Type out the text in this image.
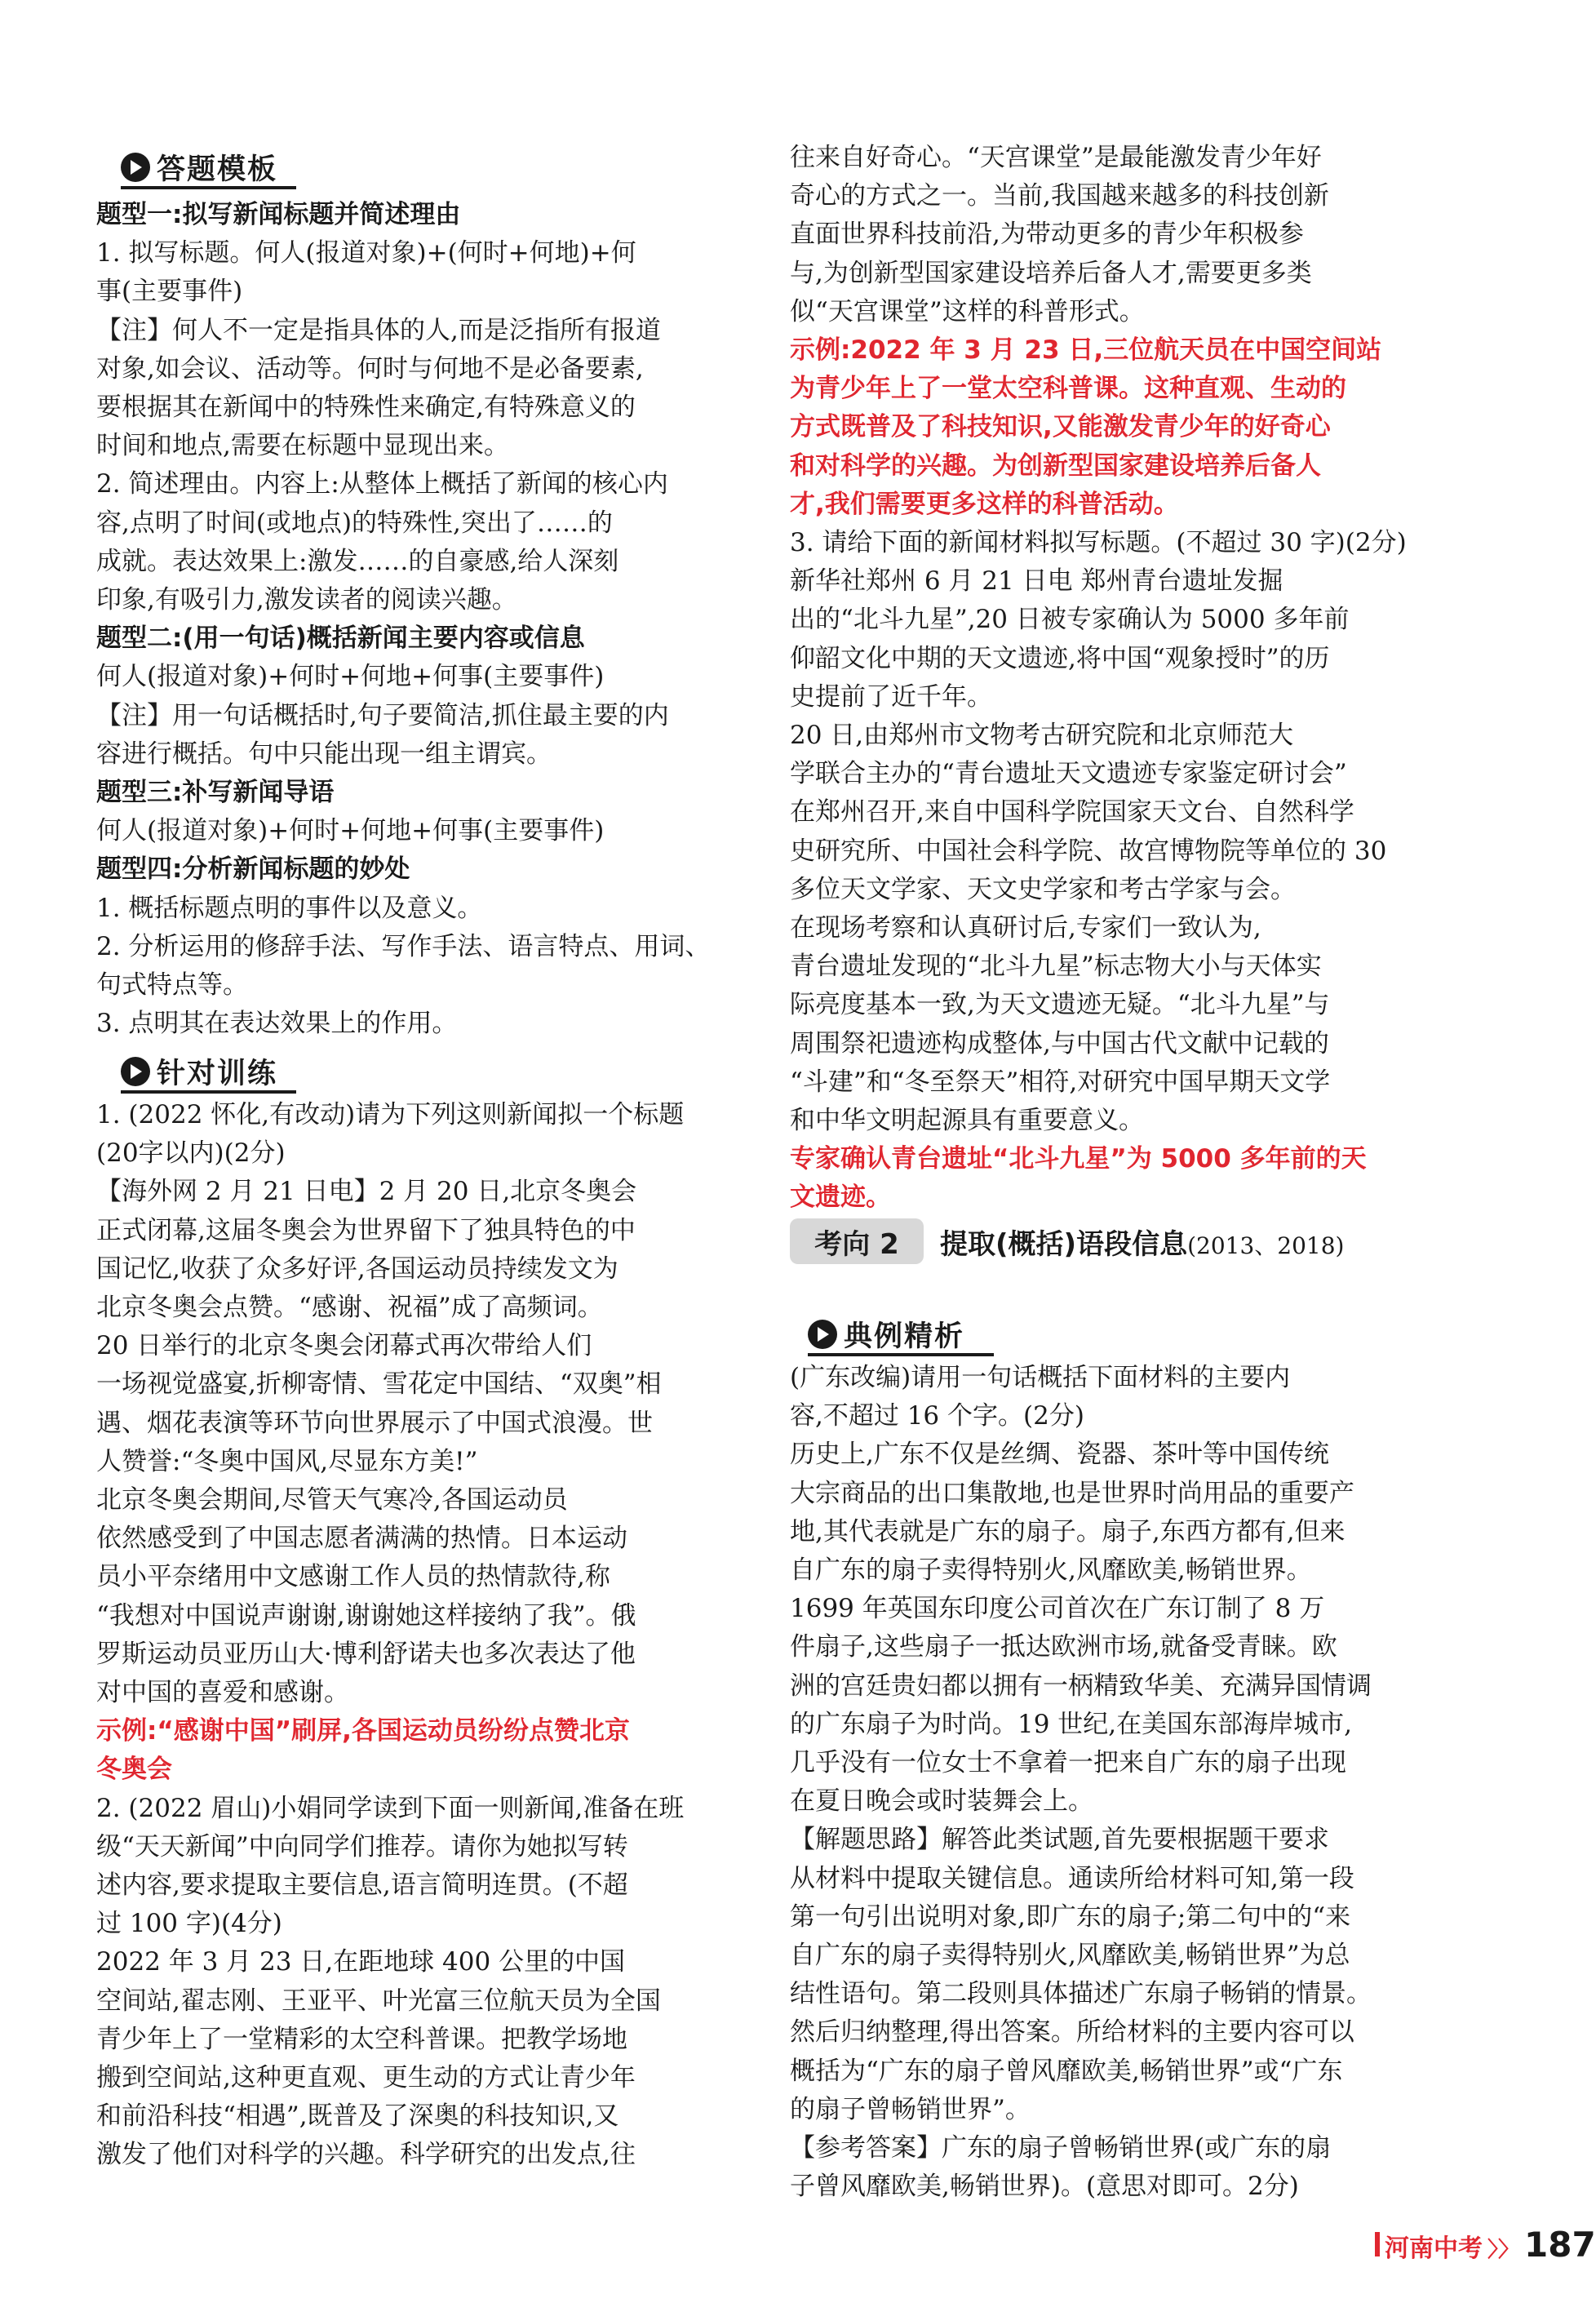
答题模板
题型一:拟写新闻标题并简述理由
1. 拟写标题。何人(报道对象)+(何时+何地)+何
事(主要事件)
【注】何人不一定是指具体的人,而是泛指所有报道
对象,如会议、活动等。何时与何地不是必备要素,
要根据其在新闻中的特殊性来确定,有特殊意义的
时间和地点,需要在标题中显现出来。
2. 简述理由。内容上:从整体上概括了新闻的核心内
容,点明了时间(或地点)的特殊性,突出了……的
成就。表达效果上:激发……的自豪感,给人深刻
印象,有吸引力,激发读者的阅读兴趣。
题型二:(用一句话)概括新闻主要内容或信息
何人(报道对象)+何时+何地+何事(主要事件)
【注】用一句话概括时,句子要简洁,抓住最主要的内
容进行概括。句中只能出现一组主谓宾。
题型三:补写新闻导语
何人(报道对象)+何时+何地+何事(主要事件)
题型四:分析新闻标题的妙处
1. 概括标题点明的事件以及意义。
2. 分析运用的修辞手法、写作手法、语言特点、用词、
句式特点等。
3. 点明其在表达效果上的作用。
针对训练
1. (2022 怀化,有改动)请为下列这则新闻拟一个标题
(20字以内)(2分)
【海外网 2 月 21 日电】2 月 20 日,北京冬奥会
正式闭幕,这届冬奥会为世界留下了独具特色的中
国记忆,收获了众多好评,各国运动员持续发文为
北京冬奥会点赞。“感谢、祝福”成了高频词。
20 日举行的北京冬奥会闭幕式再次带给人们
一场视觉盛宴,折柳寄情、雪花定中国结、“双奥”相
遇、烟花表演等环节向世界展示了中国式浪漫。世
人赞誉:“冬奥中国风,尽显东方美!”
北京冬奥会期间,尽管天气寒冷,各国运动员
依然感受到了中国志愿者满满的热情。日本运动
员小平奈绪用中文感谢工作人员的热情款待,称
“我想对中国说声谢谢,谢谢她这样接纳了我”。俄
罗斯运动员亚历山大·博利舒诺夫也多次表达了他
对中国的喜爱和感谢。
示例:“感谢中国”刷屏,各国运动员纷纷点赞北京
冬奥会
2. (2022 眉山)小娟同学读到下面一则新闻,准备在班
级“天天新闻”中向同学们推荐。请你为她拟写转
述内容,要求提取主要信息,语言简明连贯。(不超
过 100 字)(4分)
2022 年 3 月 23 日,在距地球 400 公里的中国
空间站,翟志刚、王亚平、叶光富三位航天员为全国
青少年上了一堂精彩的太空科普课。把教学场地
搬到空间站,这种更直观、更生动的方式让青少年
和前沿科技“相遇”,既普及了深奥的科技知识,又
激发了他们对科学的兴趣。科学研究的出发点,往
往来自好奇心。“天宫课堂”是最能激发青少年好
奇心的方式之一。当前,我国越来越多的科技创新
直面世界科技前沿,为带动更多的青少年积极参
与,为创新型国家建设培养后备人才,需要更多类
似“天宫课堂”这样的科普形式。
示例:2022 年 3 月 23 日,三位航天员在中国空间站
为青少年上了一堂太空科普课。这种直观、生动的
方式既普及了科技知识,又能激发青少年的好奇心
和对科学的兴趣。为创新型国家建设培养后备人
才,我们需要更多这样的科普活动。
3. 请给下面的新闻材料拟写标题。(不超过 30 字)(2分)
新华社郑州 6 月 21 日电 郑州青台遗址发掘
出的“北斗九星”,20 日被专家确认为 5000 多年前
仰韶文化中期的天文遗迹,将中国“观象授时”的历
史提前了近千年。
20 日,由郑州市文物考古研究院和北京师范大
学联合主办的“青台遗址天文遗迹专家鉴定研讨会”
在郑州召开,来自中国科学院国家天文台、自然科学
史研究所、中国社会科学院、故宫博物院等单位的 30
多位天文学家、天文史学家和考古学家与会。
在现场考察和认真研讨后,专家们一致认为,
青台遗址发现的“北斗九星”标志物大小与天体实
际亮度基本一致,为天文遗迹无疑。“北斗九星”与
周围祭祀遗迹构成整体,与中国古代文献中记载的
“斗建”和“冬至祭天”相符,对研究中国早期天文学
和中华文明起源具有重要意义。
专家确认青台遗址“北斗九星”为 5000 多年前的天
文遗迹。
考向 2	提取(概括)语段信息(2013、2018)
典例精析
(广东改编)请用一句话概括下面材料的主要内
容,不超过 16 个字。(2分)
历史上,广东不仅是丝绸、瓷器、茶叶等中国传统
大宗商品的出口集散地,也是世界时尚用品的重要产
地,其代表就是广东的扇子。扇子,东西方都有,但来
自广东的扇子卖得特别火,风靡欧美,畅销世界。
1699 年英国东印度公司首次在广东订制了 8 万
件扇子,这些扇子一抵达欧洲市场,就备受青睐。欧
洲的宫廷贵妇都以拥有一柄精致华美、充满异国情调
的广东扇子为时尚。19 世纪,在美国东部海岸城市,
几乎没有一位女士不拿着一把来自广东的扇子出现
在夏日晚会或时装舞会上。
【解题思路】解答此类试题,首先要根据题干要求
从材料中提取关键信息。通读所给材料可知,第一段
第一句引出说明对象,即广东的扇子;第二句中的“来
自广东的扇子卖得特别火,风靡欧美,畅销世界”为总
结性语句。第二段则具体描述广东扇子畅销的情景。
然后归纳整理,得出答案。所给材料的主要内容可以
概括为“广东的扇子曾风靡欧美,畅销世界”或“广东
的扇子曾畅销世界”。
【参考答案】广东的扇子曾畅销世界(或广东的扇
子曾风靡欧美,畅销世界)。(意思对即可。2分)
河南中考 〉〉 187
